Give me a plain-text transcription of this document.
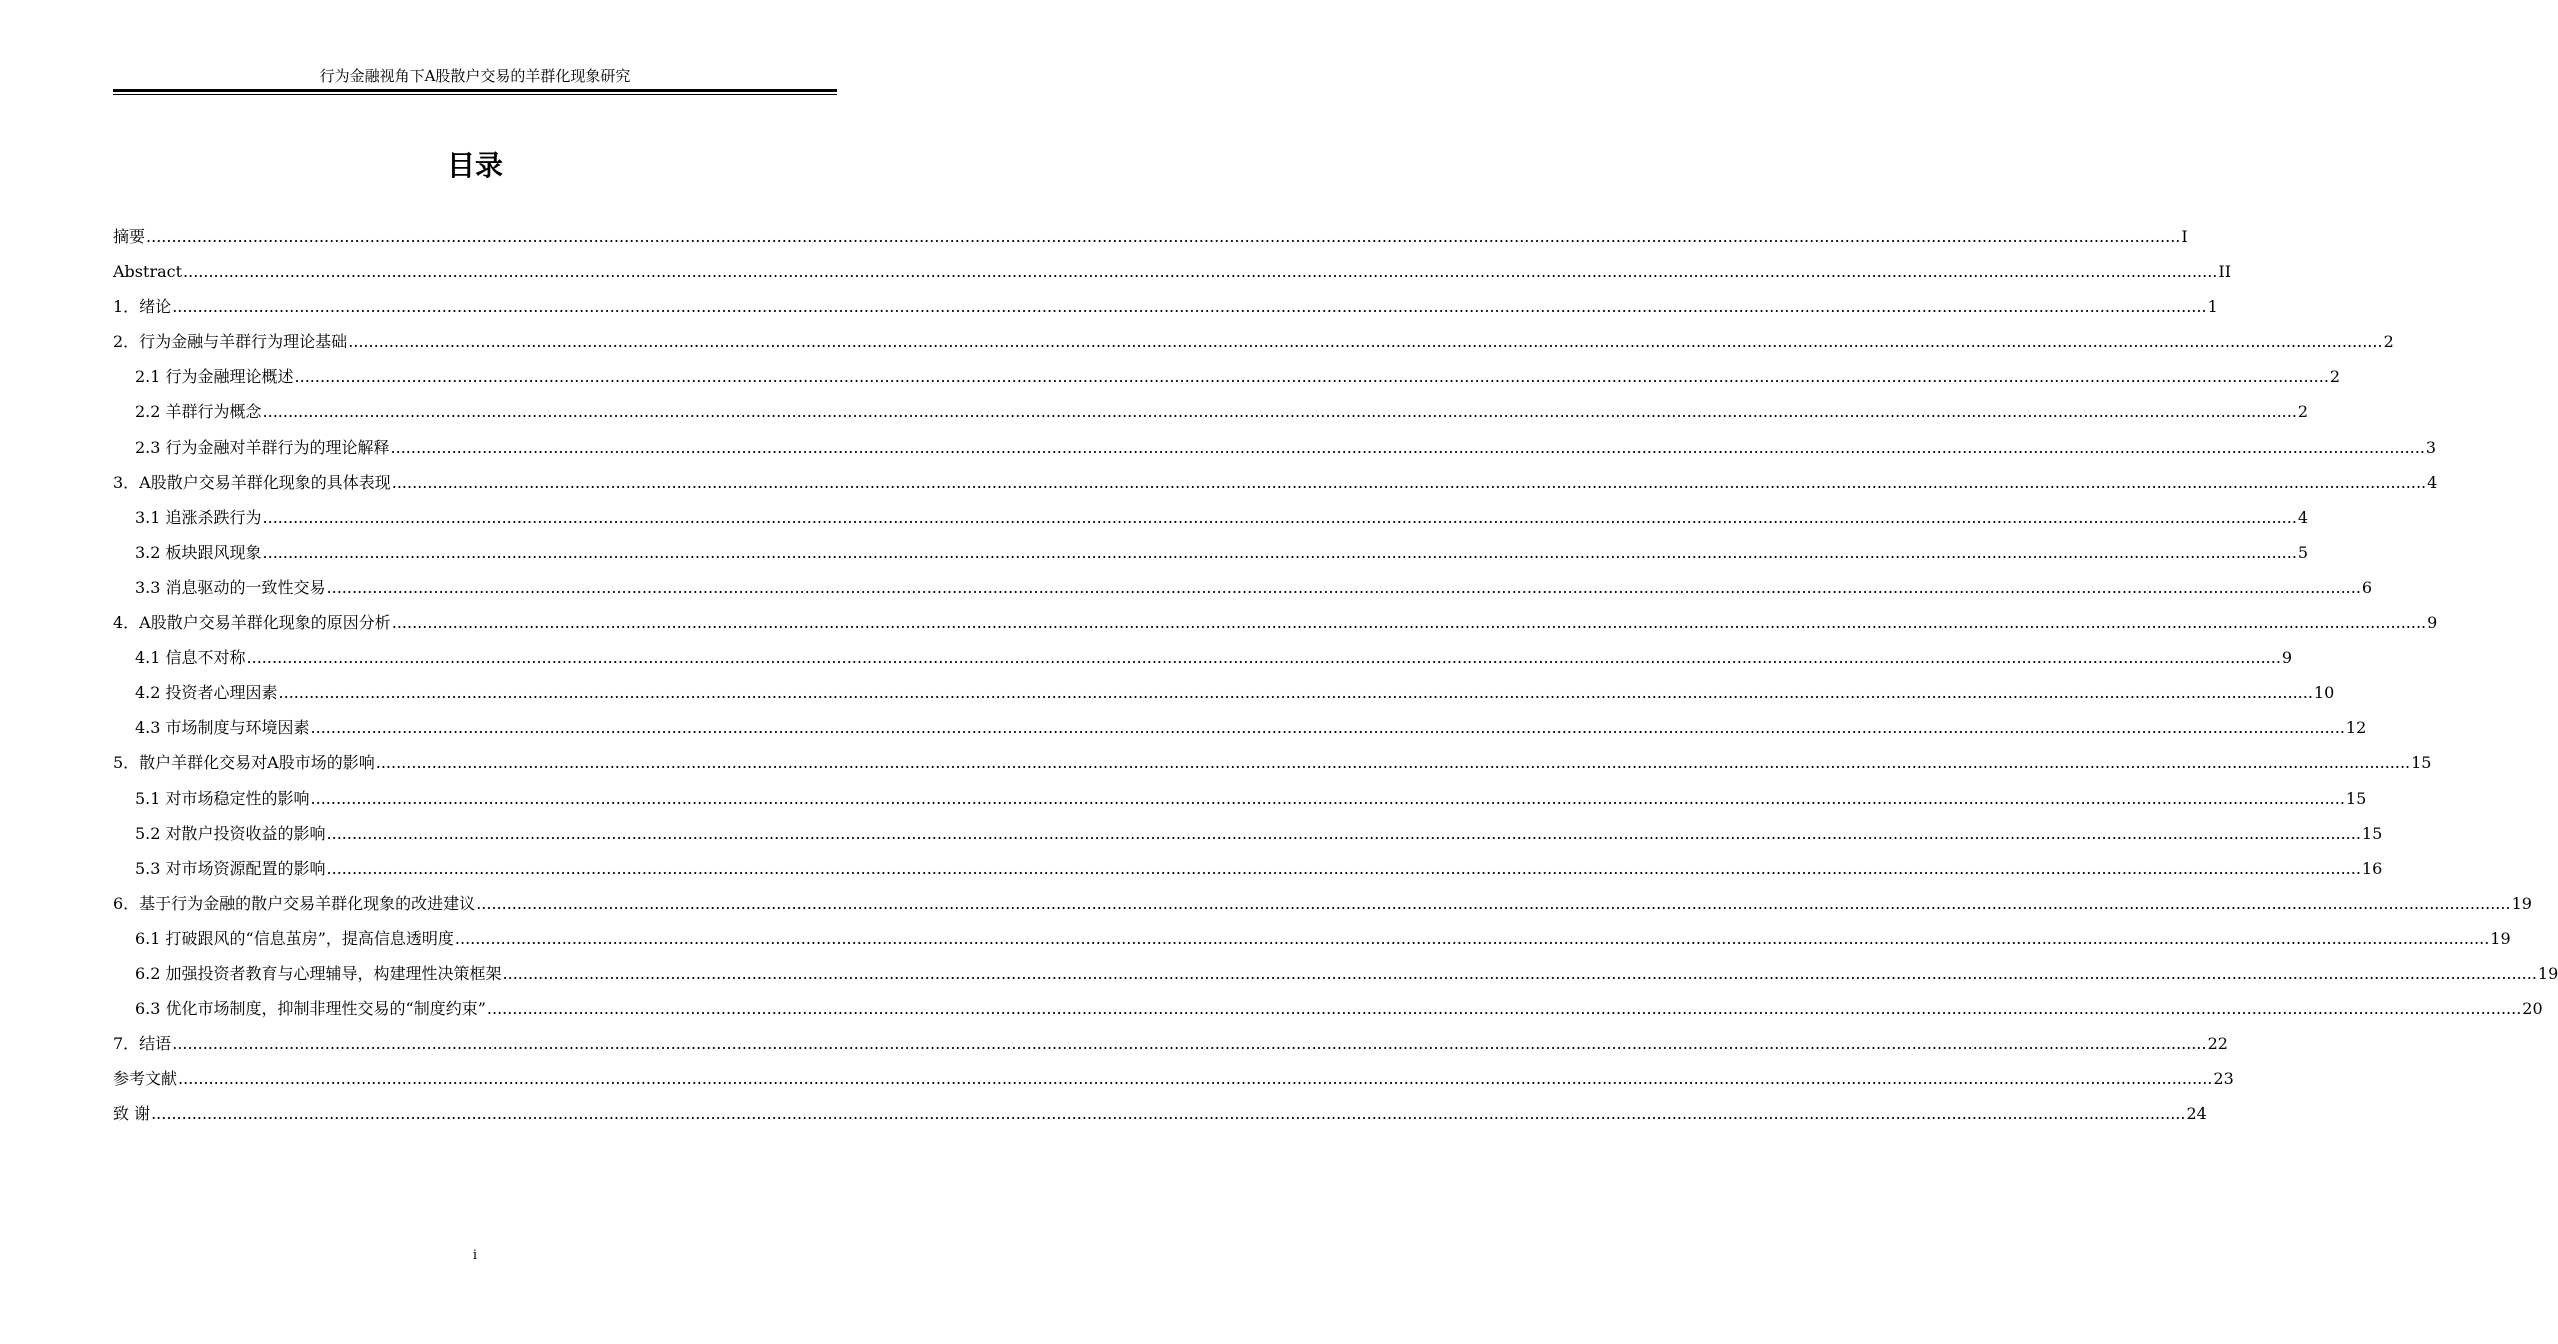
行为金融视角下A股散户交易的羊群化现象研究
目录
摘要 ................................................................................................................................................................................................................................................................................................................................................................................................................ I
Abstract ................................................................................................................................................................................................................................................................................................................................................................................................................ II
1．绪论 ................................................................................................................................................................................................................................................................................................................................................................................................................ 1
2．行为金融与羊群行为理论基础 ................................................................................................................................................................................................................................................................................................................................................................................................................ 2
2.1 行为金融理论概述 ................................................................................................................................................................................................................................................................................................................................................................................................................ 2
2.2 羊群行为概念 ................................................................................................................................................................................................................................................................................................................................................................................................................ 2
2.3 行为金融对羊群行为的理论解释 ................................................................................................................................................................................................................................................................................................................................................................................................................ 3
3．A股散户交易羊群化现象的具体表现 ................................................................................................................................................................................................................................................................................................................................................................................................................ 4
3.1 追涨杀跌行为 ................................................................................................................................................................................................................................................................................................................................................................................................................ 4
3.2 板块跟风现象 ................................................................................................................................................................................................................................................................................................................................................................................................................ 5
3.3 消息驱动的一致性交易 ................................................................................................................................................................................................................................................................................................................................................................................................................ 6
4．A股散户交易羊群化现象的原因分析 ................................................................................................................................................................................................................................................................................................................................................................................................................ 9
4.1 信息不对称 ................................................................................................................................................................................................................................................................................................................................................................................................................ 9
4.2 投资者心理因素 ................................................................................................................................................................................................................................................................................................................................................................................................................ 10
4.3 市场制度与环境因素 ................................................................................................................................................................................................................................................................................................................................................................................................................ 12
5．散户羊群化交易对A股市场的影响 ................................................................................................................................................................................................................................................................................................................................................................................................................ 15
5.1 对市场稳定性的影响 ................................................................................................................................................................................................................................................................................................................................................................................................................ 15
5.2 对散户投资收益的影响 ................................................................................................................................................................................................................................................................................................................................................................................................................ 15
5.3 对市场资源配置的影响 ................................................................................................................................................................................................................................................................................................................................................................................................................ 16
6．基于行为金融的散户交易羊群化现象的改进建议 ................................................................................................................................................................................................................................................................................................................................................................................................................ 19
6.1 打破跟风的“信息茧房”，提高信息透明度 ................................................................................................................................................................................................................................................................................................................................................................................................................ 19
6.2 加强投资者教育与心理辅导，构建理性决策框架 ................................................................................................................................................................................................................................................................................................................................................................................................................ 19
6.3 优化市场制度，抑制非理性交易的“制度约束” ................................................................................................................................................................................................................................................................................................................................................................................................................ 20
7．结语 ................................................................................................................................................................................................................................................................................................................................................................................................................ 22
参考文献 ................................................................................................................................................................................................................................................................................................................................................................................................................ 23
致 谢 ................................................................................................................................................................................................................................................................................................................................................................................................................ 24
i
